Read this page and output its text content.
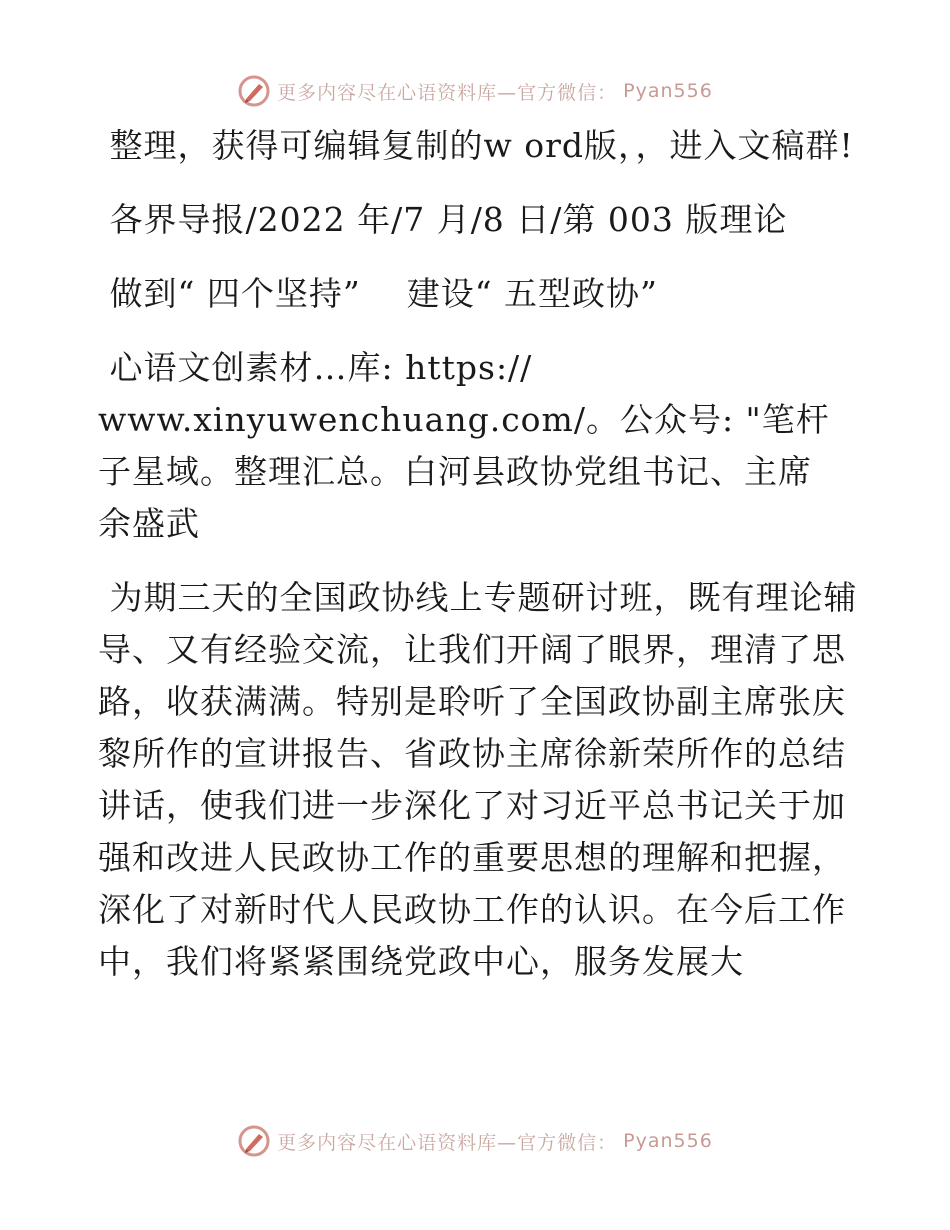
更多内容尽在心语资料库—官方微信： Pyan556

整理，获得可编辑复制的w ord版，，进入文稿群!

各界导报/2022 年/7 月/8 日/第 003 版理论

做到“ 四个坚持”    建设“ 五型政协”

心语文创素材…库: https://
www.xinyuwenchuang.com/。公众号: "笔杆子星域。整理汇总。白河县政协党组书记、主席  余盛武

为期三天的全国政协线上专题研讨班，既有理论辅导、又有经验交流，让我们开阔了眼界，理清了思路，收获满满。特别是聆听了全国政协副主席张庆黎所作的宣讲报告、省政协主席徐新荣所作的总结讲话，使我们进一步深化了对习近平总书记关于加强和改进人民政协工作的重要思想的理解和把握，深化了对新时代人民政协工作的认识。在今后工作中，我们将紧紧围绕党政中心，服务发展大

更多内容尽在心语资料库—官方微信： Pyan556
